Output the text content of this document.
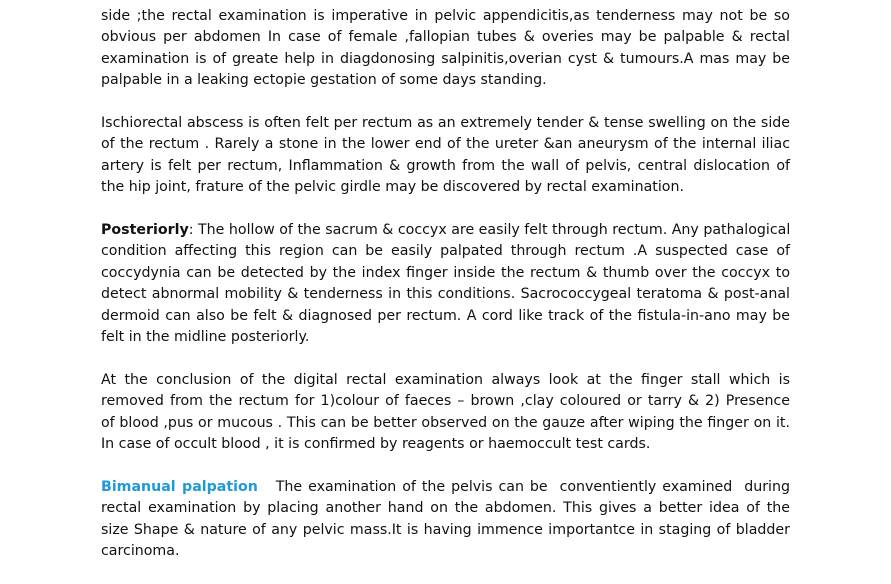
side ;the rectal examination is imperative in pelvic appendicitis,as tenderness may not be so
obvious per abdomen In case of female ,fallopian tubes & overies may be palpable & rectal
examination is of greate help in diagdonosing salpinitis,overian cyst & tumours.A mas may be
palpable in a leaking ectopie gestation of some days standing.
Ischiorectal abscess is often felt per rectum as an extremely tender & tense swelling on the side
of the rectum . Rarely a stone in the lower end of the ureter &an aneurysm of the internal iliac
artery is felt per rectum, Inflammation & growth from the wall of pelvis, central dislocation of
the hip joint, frature of the pelvic girdle may be discovered by rectal examination.
Posteriorly: The hollow of the sacrum & coccyx are easily felt through rectum. Any pathalogical
condition affecting this region can be easily palpated through rectum .A suspected case of
coccydynia can be detected by the index finger inside the rectum & thumb over the coccyx to
detect abnormal mobility & tenderness in this conditions. Sacrococcygeal teratoma & post-anal
dermoid can also be felt & diagnosed per rectum. A cord like track of the fistula-in-ano may be
felt in the midline posteriorly.
At the conclusion of the digital rectal examination always look at the finger stall which is
removed from the rectum for 1)colour of faeces – brown ,clay coloured or tarry & 2) Presence
of blood ,pus or mucous . This can be better observed on the gauze after wiping the finger on it.
In case of occult blood , it is confirmed by reagents or haemoccult test cards.
Bimanual palpation   The examination of the pelvis can be  conventiently examined  during
rectal examination by placing another hand on the abdomen. This gives a better idea of the
size Shape & nature of any pelvic mass.It is having immence importantce in staging of bladder
carcinoma.
